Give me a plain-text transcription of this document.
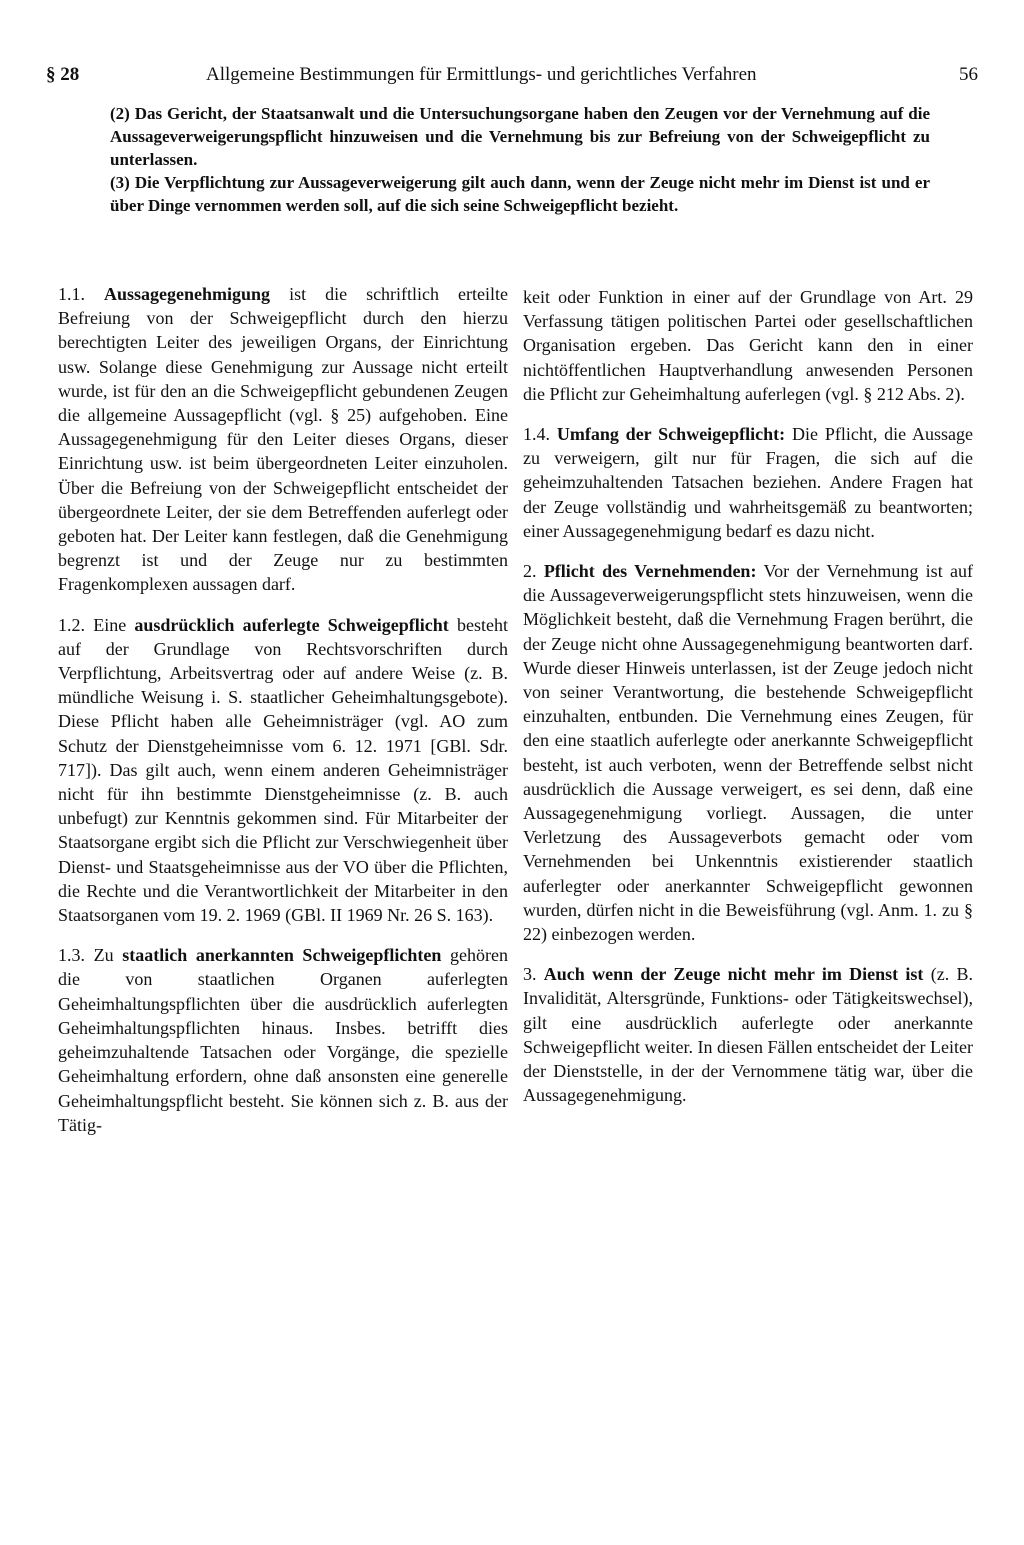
§ 28	Allgemeine Bestimmungen für Ermittlungs- und gerichtliches Verfahren	56

(2) Das Gericht, der Staatsanwalt und die Untersuchungsorgane haben den Zeugen vor der Vernehmung auf die Aussageverweigerungspflicht hinzuweisen und die Vernehmung bis zur Befreiung von der Schweigepflicht zu unterlassen.

(3) Die Verpflichtung zur Aussageverweigerung gilt auch dann, wenn der Zeuge nicht mehr im Dienst ist und er über Dinge vernommen werden soll, auf die sich seine Schweigepflicht bezieht.

1.1. Aussagegenehmigung ist die schriftlich erteilte Befreiung von der Schweigepflicht durch den hierzu berechtigten Leiter des jeweiligen Organs, der Einrichtung usw. Solange diese Genehmigung zur Aussage nicht erteilt wurde, ist für den an die Schweigepflicht gebundenen Zeugen die allgemeine Aussagepflicht (vgl. § 25) aufgehoben. Eine Aussagegenehmigung für den Leiter dieses Organs, dieser Einrichtung usw. ist beim übergeordneten Leiter einzuholen. Über die Befreiung von der Schweigepflicht entscheidet der übergeordnete Leiter, der sie dem Betreffenden auferlegt oder geboten hat. Der Leiter kann festlegen, daß die Genehmigung begrenzt ist und der Zeuge nur zu bestimmten Fragenkomplexen aussagen darf.

1.2. Eine ausdrücklich auferlegte Schweigepflicht besteht auf der Grundlage von Rechtsvorschriften durch Verpflichtung, Arbeitsvertrag oder auf andere Weise (z. B. mündliche Weisung i. S. staatlicher Geheimhaltungsgebote). Diese Pflicht haben alle Geheimnisträger (vgl. AO zum Schutz der Dienstgeheimnisse vom 6. 12. 1971 [GBl. Sdr. 717]). Das gilt auch, wenn einem anderen Geheimnisträger nicht für ihn bestimmte Dienstgeheimnisse (z. B. auch unbefugt) zur Kenntnis gekommen sind. Für Mitarbeiter der Staatsorgane ergibt sich die Pflicht zur Verschwiegenheit über Dienst- und Staatsgeheimnisse aus der VO über die Pflichten, die Rechte und die Verantwortlichkeit der Mitarbeiter in den Staatsorganen vom 19. 2. 1969 (GBl. II 1969 Nr. 26 S. 163).

1.3. Zu staatlich anerkannten Schweigepflichten gehören die von staatlichen Organen auferlegten Geheimhaltungspflichten über die ausdrücklich auferlegten Geheimhaltungspflichten hinaus. Insbes. betrifft dies geheimzuhaltende Tatsachen oder Vorgänge, die spezielle Geheimhaltung erfordern, ohne daß ansonsten eine generelle Geheimhaltungspflicht besteht. Sie können sich z. B. aus der Tätig-

keit oder Funktion in einer auf der Grundlage von Art. 29 Verfassung tätigen politischen Partei oder gesellschaftlichen Organisation ergeben. Das Gericht kann den in einer nichtöffentlichen Hauptverhandlung anwesenden Personen die Pflicht zur Geheimhaltung auferlegen (vgl. § 212 Abs. 2).

1.4. Umfang der Schweigepflicht: Die Pflicht, die Aussage zu verweigern, gilt nur für Fragen, die sich auf die geheimzuhaltenden Tatsachen beziehen. Andere Fragen hat der Zeuge vollständig und wahrheitsgemäß zu beantworten; einer Aussagegenehmigung bedarf es dazu nicht.

2. Pflicht des Vernehmenden: Vor der Vernehmung ist auf die Aussageverweigerungspflicht stets hinzuweisen, wenn die Möglichkeit besteht, daß die Vernehmung Fragen berührt, die der Zeuge nicht ohne Aussagegenehmigung beantworten darf. Wurde dieser Hinweis unterlassen, ist der Zeuge jedoch nicht von seiner Verantwortung, die bestehende Schweigepflicht einzuhalten, entbunden. Die Vernehmung eines Zeugen, für den eine staatlich auferlegte oder anerkannte Schweigepflicht besteht, ist auch verboten, wenn der Betreffende selbst nicht ausdrücklich die Aussage verweigert, es sei denn, daß eine Aussagegenehmigung vorliegt. Aussagen, die unter Verletzung des Aussageverbots gemacht oder vom Vernehmenden bei Unkenntnis existierender staatlich auferlegter oder anerkannter Schweigepflicht gewonnen wurden, dürfen nicht in die Beweisführung (vgl. Anm. 1. zu § 22) einbezogen werden.

3. Auch wenn der Zeuge nicht mehr im Dienst ist (z. B. Invalidität, Altersgründe, Funktions- oder Tätigkeitswechsel), gilt eine ausdrücklich auferlegte oder anerkannte Schweigepflicht weiter. In diesen Fällen entscheidet der Leiter der Dienststelle, in der der Vernommene tätig war, über die Aussagegenehmigung.
